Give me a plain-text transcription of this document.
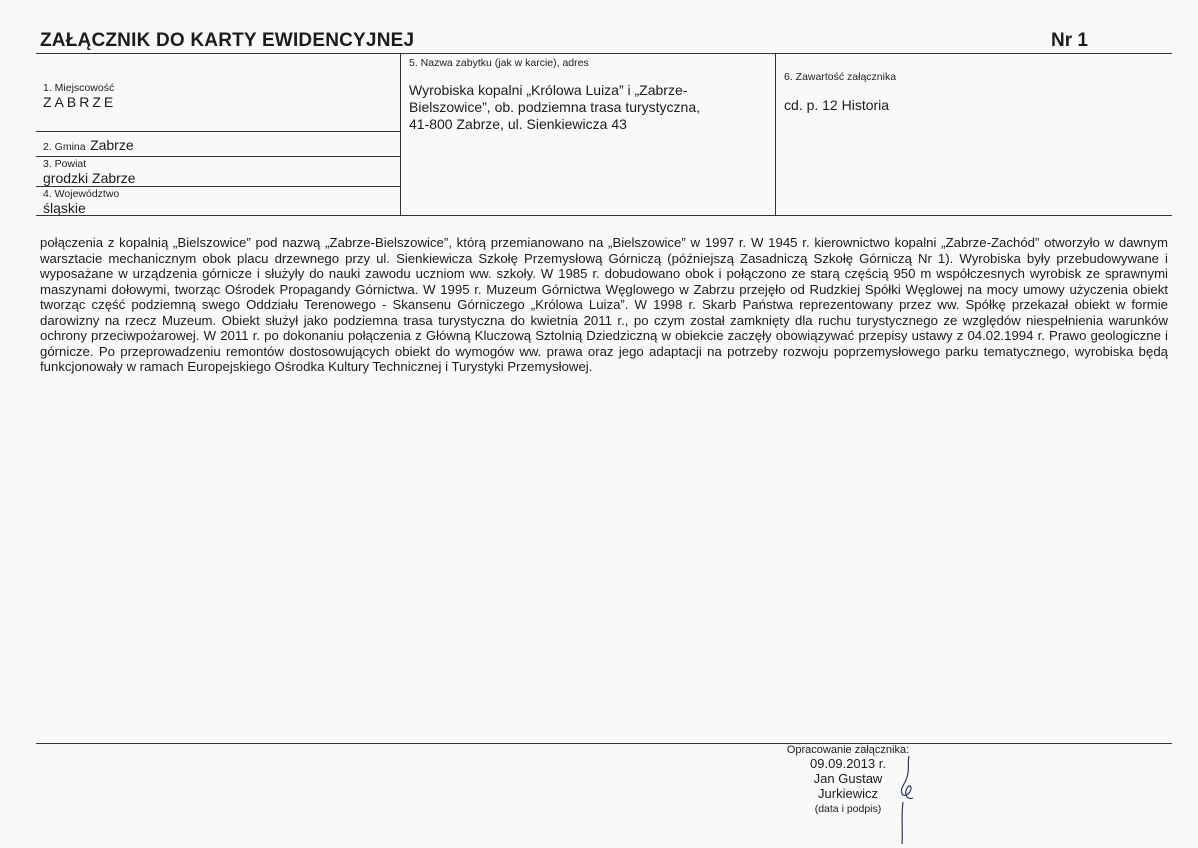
ZAŁĄCZNIK DO KARTY EWIDENCYJNEJ	Nr 1
1. Miejscowość
ZABRZE
2. Gmina Zabrze
3. Powiat
grodzki Zabrze
4. Województwo
śląskie
5. Nazwa zabytku (jak w karcie), adres
Wyrobiska kopalni „Królowa Luiza” i „Zabrze-
Bielszowice”, ob. podziemna trasa turystyczna,
41-800 Zabrze, ul. Sienkiewicza 43
6. Zawartość załącznika
cd. p. 12 Historia
połączenia z kopalnią „Bielszowice” pod nazwą „Zabrze-Bielszowice”, którą przemianowano na „Bielszowice” w 1997 r. W 1945 r. kierownictwo kopalni „Zabrze-Zachód” otworzyło w dawnym warsztacie mechanicznym obok placu drzewnego przy ul. Sienkiewicza Szkołę Przemysłową Górniczą (późniejszą Zasadniczą Szkołę Górniczą Nr 1). Wyrobiska były przebudowywane i wyposażane w urządzenia górnicze i służyły do nauki zawodu uczniom ww. szkoły. W 1985 r. dobudowano obok i połączono ze starą częścią 950 m współczesnych wyrobisk ze sprawnymi maszynami dołowymi, tworząc Ośrodek Propagandy Górnictwa. W 1995 r. Muzeum Górnictwa Węglowego w Zabrzu przejęło od Rudzkiej Spółki Węglowej na mocy umowy użyczenia obiekt tworząc część podziemną swego Oddziału Terenowego - Skansenu Górniczego „Królowa Luiza”. W 1998 r. Skarb Państwa reprezentowany przez ww. Spółkę przekazał obiekt w formie darowizny na rzecz Muzeum. Obiekt służył jako podziemna trasa turystyczna do kwietnia 2011 r., po czym został zamknięty dla ruchu turystycznego ze względów niespełnienia warunków ochrony przeciwpożarowej. W 2011 r. po dokonaniu połączenia z Główną Kluczową Sztolnią Dziedziczną w obiekcie zaczęły obowiązywać przepisy ustawy z 04.02.1994 r. Prawo geologiczne i górnicze. Po przeprowadzeniu remontów dostosowujących obiekt do wymogów ww. prawa oraz jego adaptacji na potrzeby rozwoju poprzemysłowego parku tematycznego, wyrobiska będą funkcjonowały w ramach Europejskiego Ośrodka Kultury Technicznej i Turystyki Przemysłowej.
Opracowanie załącznika:
09.09.2013 r.
Jan Gustaw
Jurkiewicz
(data i podpis)
